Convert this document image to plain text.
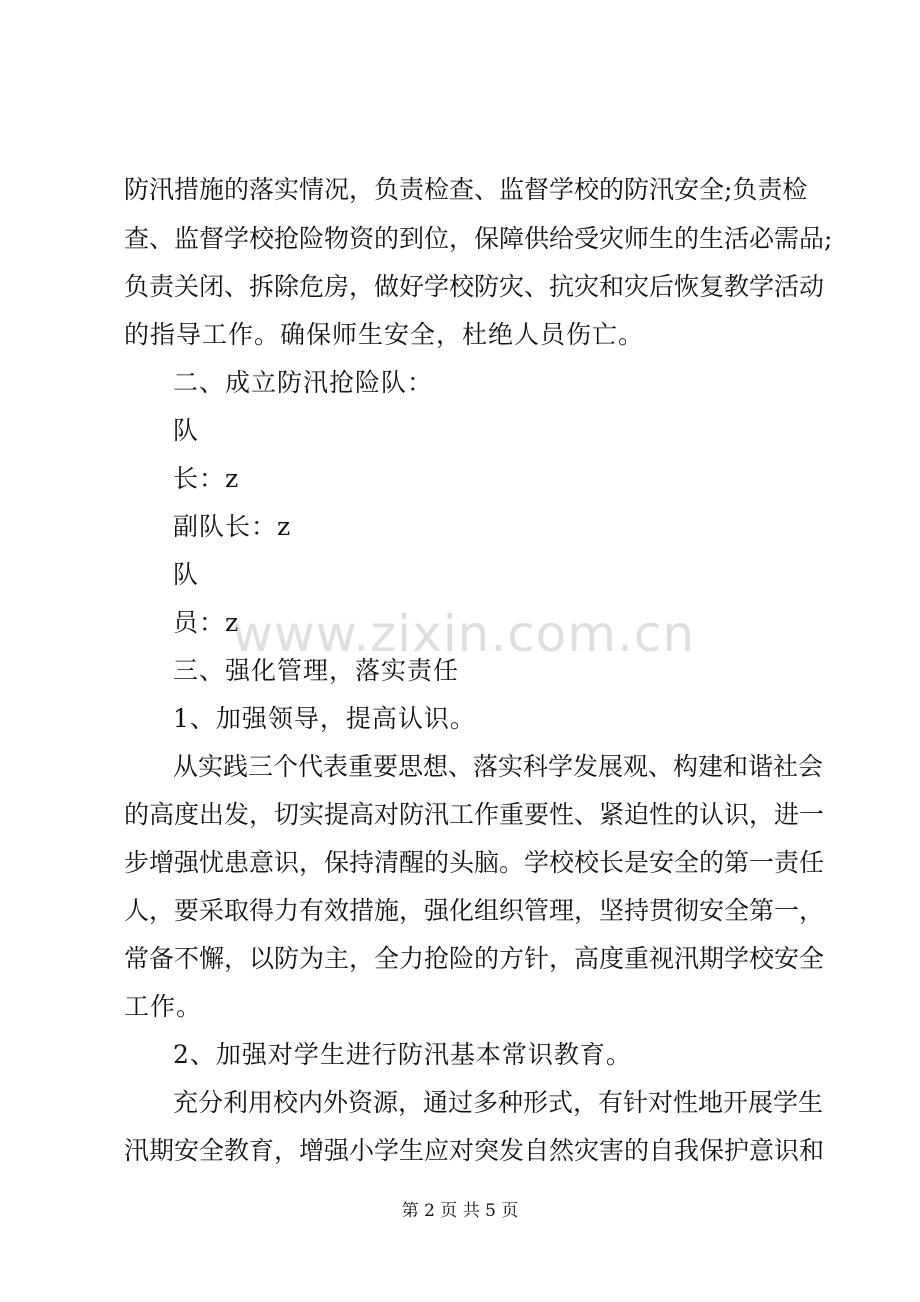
防汛措施的落实情况，负责检查、监督学校的防汛安全;负责检
查、监督学校抢险物资的到位，保障供给受灾师生的生活必需品;
负责关闭、拆除危房，做好学校防灾、抗灾和灾后恢复教学活动
的指导工作。确保师生安全，杜绝人员伤亡。
二、成立防汛抢险队：
队
长：z
副队长：z
队
员：z
三、强化管理，落实责任
1、加强领导，提高认识。
从实践三个代表重要思想、落实科学发展观、构建和谐社会
的高度出发，切实提高对防汛工作重要性、紧迫性的认识，进一
步增强忧患意识，保持清醒的头脑。学校校长是安全的第一责任
人，要采取得力有效措施，强化组织管理，坚持贯彻安全第一，
常备不懈，以防为主，全力抢险的方针，高度重视汛期学校安全
工作。
2、加强对学生进行防汛基本常识教育。
充分利用校内外资源，通过多种形式，有针对性地开展学生
汛期安全教育，增强小学生应对突发自然灾害的自我保护意识和
www.zixin.com.cn
第 2 页 共 5 页
